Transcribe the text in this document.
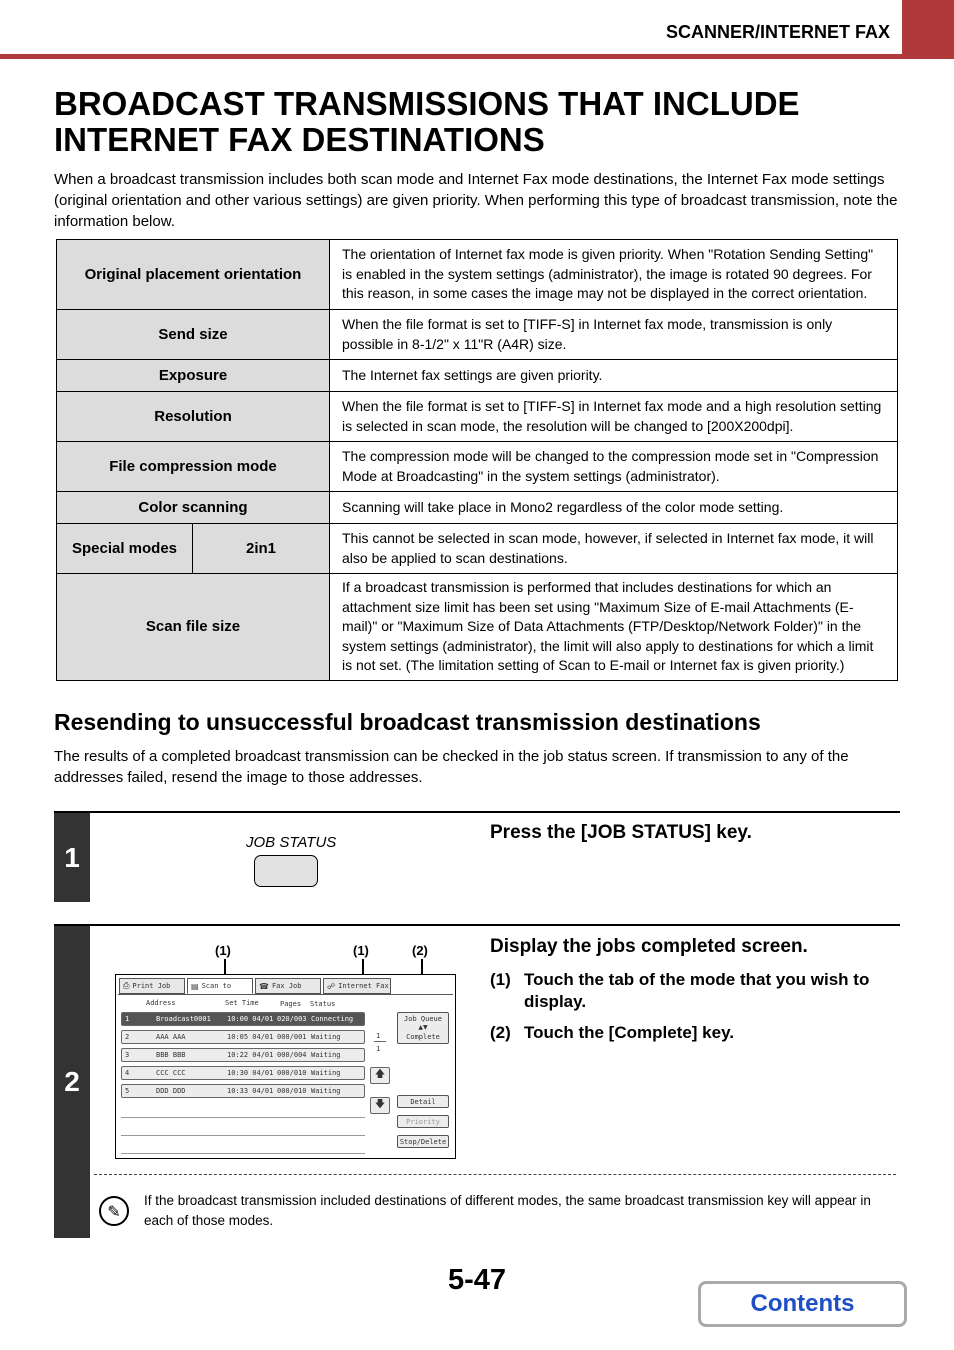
SCANNER/INTERNET FAX
BROADCAST TRANSMISSIONS THAT INCLUDE INTERNET FAX DESTINATIONS

When a broadcast transmission includes both scan mode and Internet Fax mode destinations, the Internet Fax mode settings (original orientation and other various settings) are given priority. When performing this type of broadcast transmission, note the information below.

Original placement orientation		The orientation of Internet fax mode is given priority. When "Rotation Sending Setting" is enabled in the system settings (administrator), the image is rotated 90 degrees. For this reason, in some cases the image may not be displayed in the correct orientation.
Send size		When the file format is set to [TIFF-S] in Internet fax mode, transmission is only possible in 8-1/2" x 11"R (A4R) size.
Exposure		The Internet fax settings are given priority.
Resolution		When the file format is set to [TIFF-S] in Internet fax mode and a high resolution setting is selected in scan mode, the resolution will be changed to [200X200dpi].
File compression mode		The compression mode will be changed to the compression mode set in "Compression Mode at Broadcasting" in the system settings (administrator).
Color scanning		Scanning will take place in Mono2 regardless of the color mode setting.
Special modes	2in1	This cannot be selected in scan mode, however, if selected in Internet fax mode, it will also be applied to scan destinations.
Scan file size		If a broadcast transmission is performed that includes destinations for which an attachment size limit has been set using "Maximum Size of E-mail Attachments (E-mail)" or "Maximum Size of Data Attachments (FTP/Desktop/Network Folder)" in the system settings (administrator), the limit will also apply to destinations for which a limit is not set. (The limitation setting of Scan to E-mail or Internet fax is given priority.)
Resending to unsuccessful broadcast transmission destinations

The results of a completed broadcast transmission can be checked in the job status screen. If transmission to any of the addresses failed, resend the image to those addresses.

1	JOB STATUS	Press the [JOB STATUS] key.
2
Display the jobs completed screen.
(1) Touch the tab of the mode that you wish to display.
(2) Touch the [Complete] key.
(1)	(1)	(2)
⎙ Print Job	▤ Scan to	☎ Fax Job	☍ Internet Fax
Address	Set Time	Pages Status
1	Broadcast0001 10:00 04/01 020/003 Connecting
2	AAA AAA	10:05 04/01 000/001 Waiting
3	BBB BBB	10:22 04/01 000/004 Waiting
4	CCC CCC	10:30 04/01 000/010 Waiting
5	DDD DDD	10:33 04/01 000/010 Waiting
1
1
🡅
🡇
Job Queue
▲▼
Complete
Detail
Priority
Stop/Delete
✎

If the broadcast transmission included destinations of different modes, the same broadcast transmission key will appear in each of those modes.

5-47
Contents
